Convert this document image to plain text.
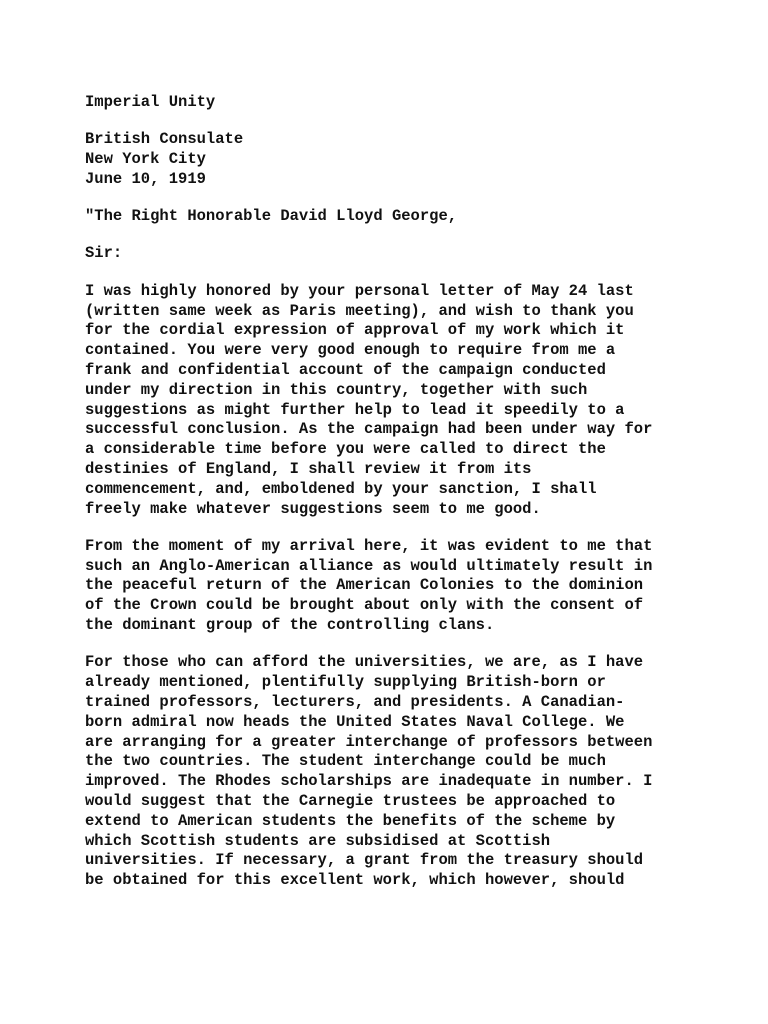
Imperial Unity
British Consulate
New York City
June 10, 1919
"The Right Honorable David Lloyd George,
Sir:
I was highly honored by your personal letter of May 24 last
(written same week as Paris meeting), and wish to thank you
for the cordial expression of approval of my work which it
contained. You were very good enough to require from me a
frank and confidential account of the campaign conducted
under my direction in this country, together with such
suggestions as might further help to lead it speedily to a
successful conclusion. As the campaign had been under way for
a considerable time before you were called to direct the
destinies of England, I shall review it from its
commencement, and, emboldened by your sanction, I shall
freely make whatever suggestions seem to me good.
From the moment of my arrival here, it was evident to me that
such an Anglo-American alliance as would ultimately result in
the peaceful return of the American Colonies to the dominion
of the Crown could be brought about only with the consent of
the dominant group of the controlling clans.
For those who can afford the universities, we are, as I have
already mentioned, plentifully supplying British-born or
trained professors, lecturers, and presidents. A Canadian-
born admiral now heads the United States Naval College. We
are arranging for a greater interchange of professors between
the two countries. The student interchange could be much
improved. The Rhodes scholarships are inadequate in number. I
would suggest that the Carnegie trustees be approached to
extend to American students the benefits of the scheme by
which Scottish students are subsidised at Scottish
universities. If necessary, a grant from the treasury should
be obtained for this excellent work, which however, should
